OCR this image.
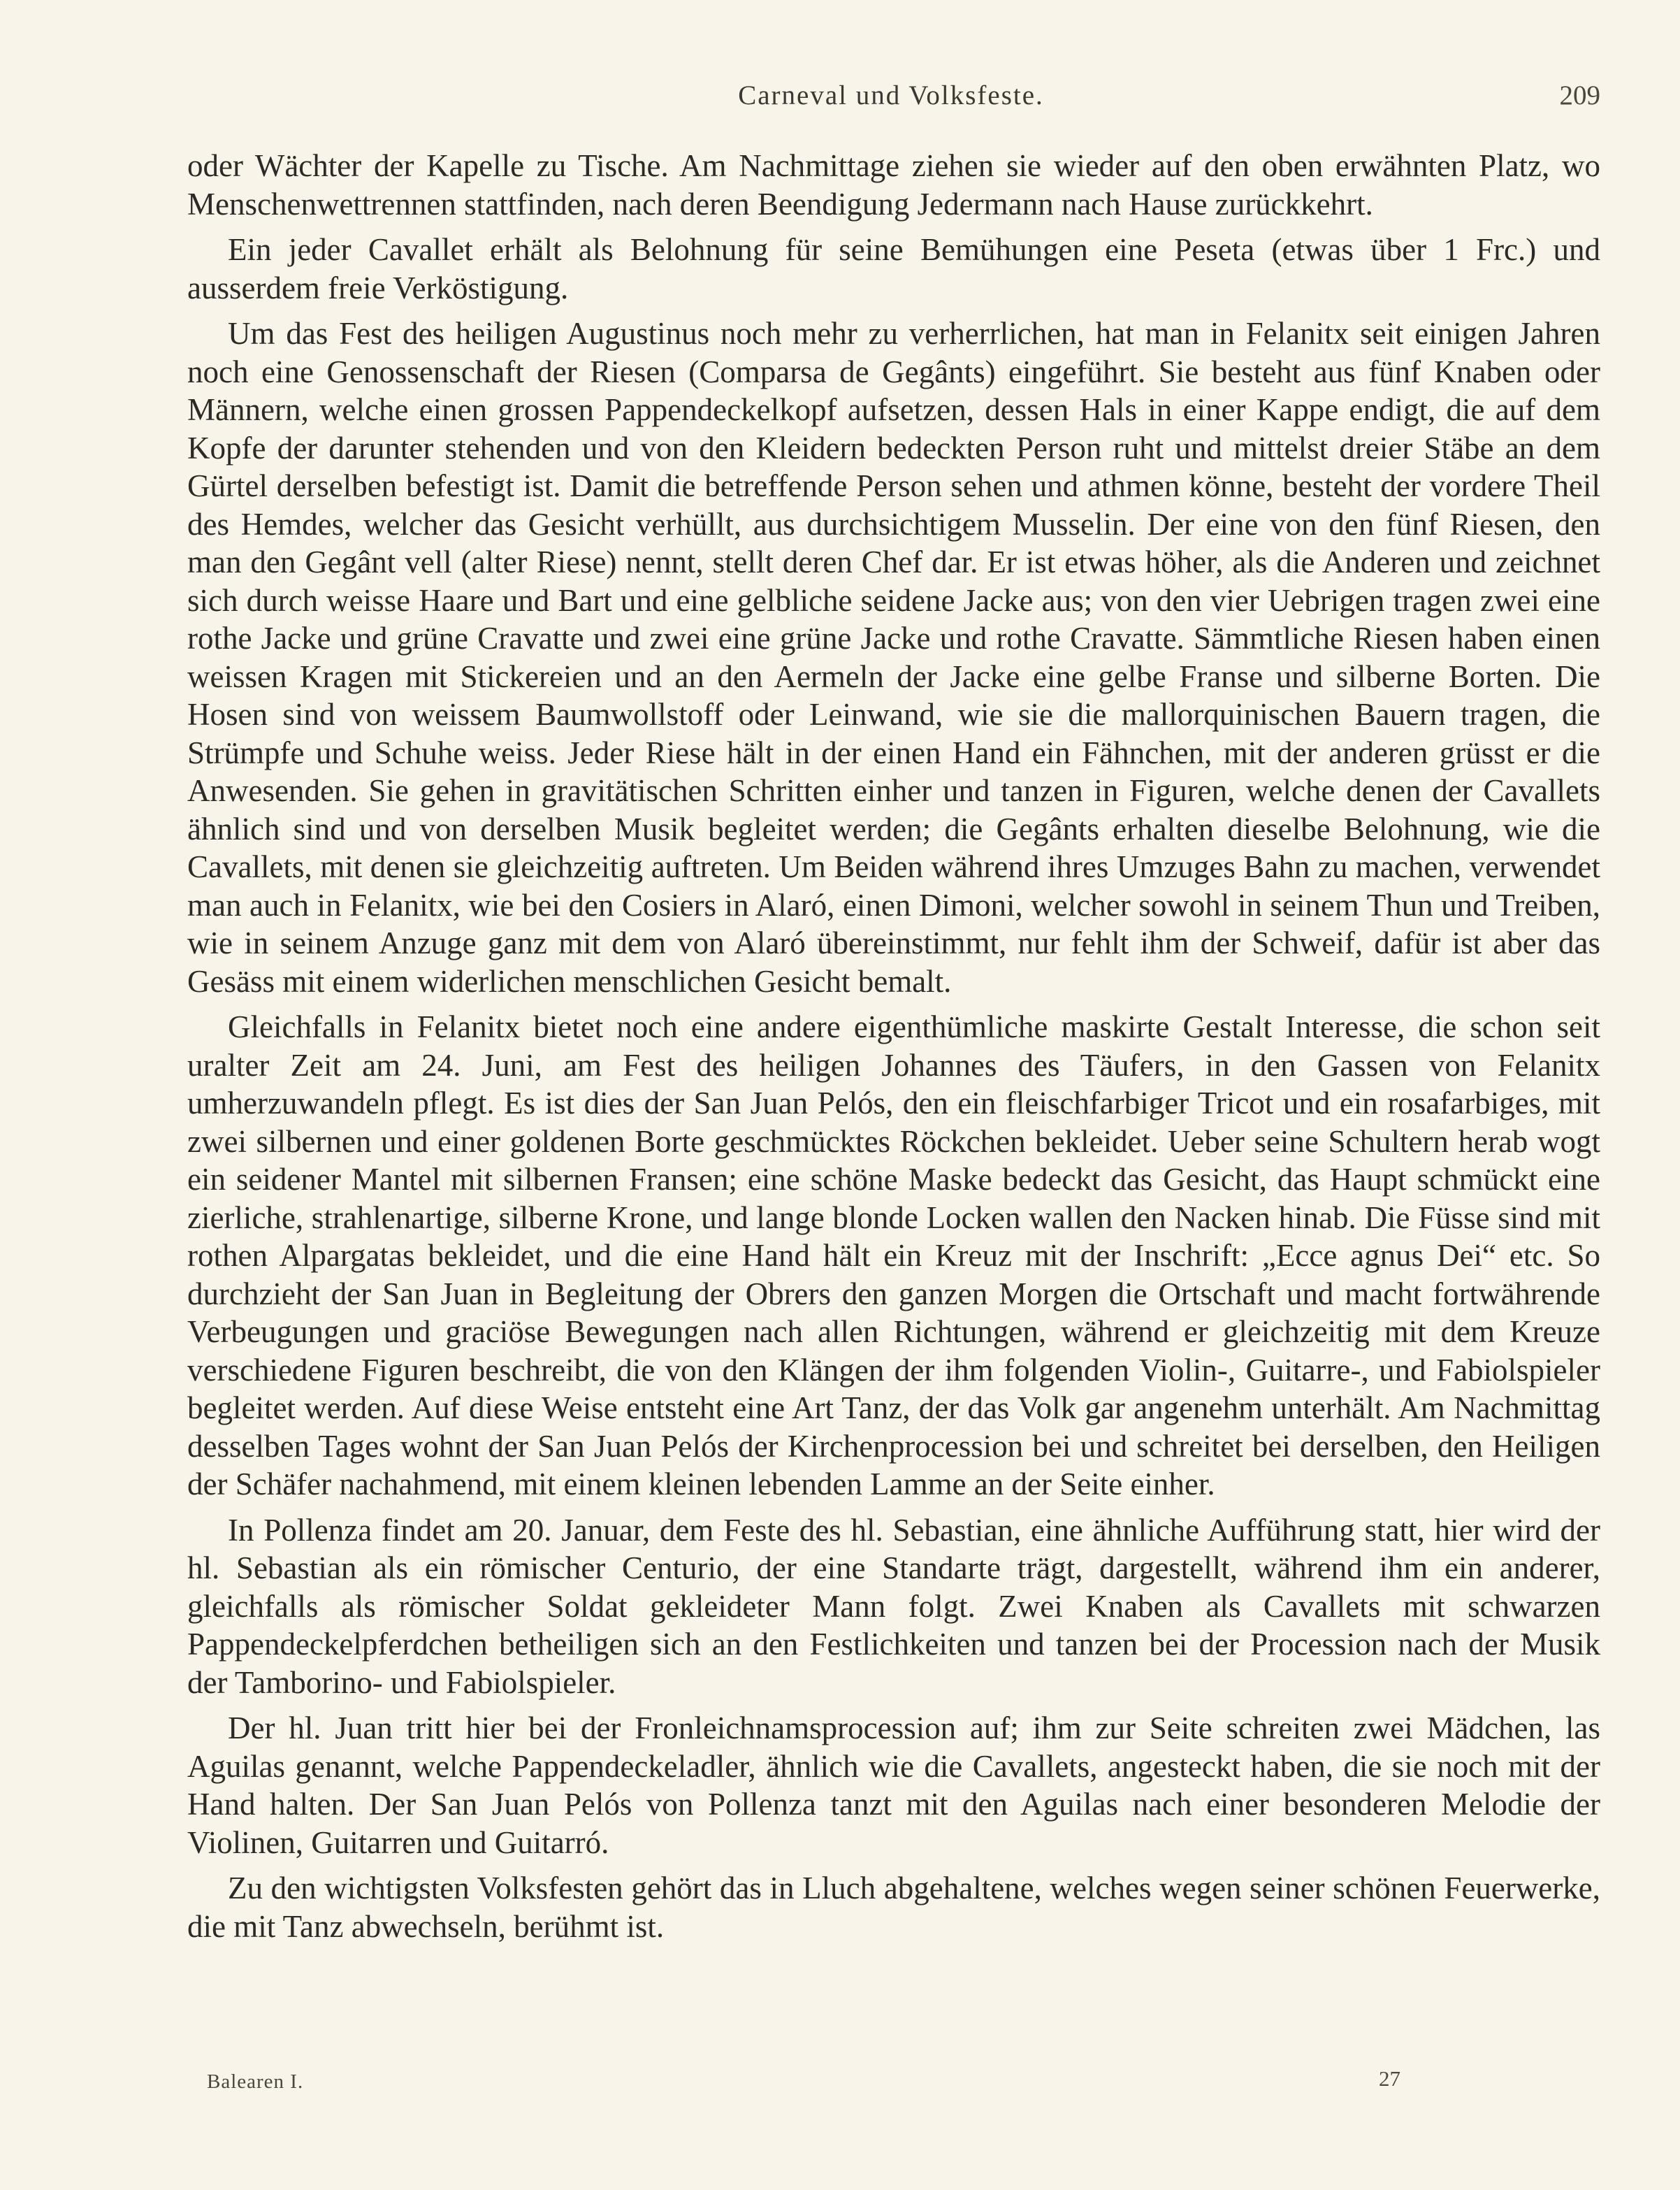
Carneval und Volksfeste.	209

oder Wächter der Kapelle zu Tische. Am Nachmittage ziehen sie wieder auf den oben erwähnten Platz, wo Menschenwettrennen stattfinden, nach deren Beendigung Jedermann nach Hause zurückkehrt.

Ein jeder Cavallet erhält als Belohnung für seine Bemühungen eine Peseta (etwas über 1 Frc.) und ausserdem freie Verköstigung.

Um das Fest des heiligen Augustinus noch mehr zu verherrlichen, hat man in Felanitx seit einigen Jahren noch eine Genossenschaft der Riesen (Comparsa de Gegânts) eingeführt. Sie besteht aus fünf Knaben oder Männern, welche einen grossen Pappendeckelkopf aufsetzen, dessen Hals in einer Kappe endigt, die auf dem Kopfe der darunter stehenden und von den Kleidern bedeckten Person ruht und mittelst dreier Stäbe an dem Gürtel derselben befestigt ist. Damit die betreffende Person sehen und athmen könne, besteht der vordere Theil des Hemdes, welcher das Gesicht verhüllt, aus durchsichtigem Musselin. Der eine von den fünf Riesen, den man den Gegânt vell (alter Riese) nennt, stellt deren Chef dar. Er ist etwas höher, als die Anderen und zeichnet sich durch weisse Haare und Bart und eine gelbliche seidene Jacke aus; von den vier Uebrigen tragen zwei eine rothe Jacke und grüne Cravatte und zwei eine grüne Jacke und rothe Cravatte. Sämmtliche Riesen haben einen weissen Kragen mit Stickereien und an den Aermeln der Jacke eine gelbe Franse und silberne Borten. Die Hosen sind von weissem Baumwollstoff oder Leinwand, wie sie die mallorquinischen Bauern tragen, die Strümpfe und Schuhe weiss. Jeder Riese hält in der einen Hand ein Fähnchen, mit der anderen grüsst er die Anwesenden. Sie gehen in gravitätischen Schritten einher und tanzen in Figuren, welche denen der Cavallets ähnlich sind und von derselben Musik begleitet werden; die Gegânts erhalten dieselbe Belohnung, wie die Cavallets, mit denen sie gleichzeitig auftreten. Um Beiden während ihres Umzuges Bahn zu machen, verwendet man auch in Felanitx, wie bei den Cosiers in Alaró, einen Dimoni, welcher sowohl in seinem Thun und Treiben, wie in seinem Anzuge ganz mit dem von Alaró übereinstimmt, nur fehlt ihm der Schweif, dafür ist aber das Gesäss mit einem widerlichen menschlichen Gesicht bemalt.

Gleichfalls in Felanitx bietet noch eine andere eigenthümliche maskirte Gestalt Interesse, die schon seit uralter Zeit am 24. Juni, am Fest des heiligen Johannes des Täufers, in den Gassen von Felanitx umherzuwandeln pflegt. Es ist dies der San Juan Pelós, den ein fleischfarbiger Tricot und ein rosafarbiges, mit zwei silbernen und einer goldenen Borte geschmücktes Röckchen bekleidet. Ueber seine Schultern herab wogt ein seidener Mantel mit silbernen Fransen; eine schöne Maske bedeckt das Gesicht, das Haupt schmückt eine zierliche, strahlenartige, silberne Krone, und lange blonde Locken wallen den Nacken hinab. Die Füsse sind mit rothen Alpargatas bekleidet, und die eine Hand hält ein Kreuz mit der Inschrift: „Ecce agnus Dei“ etc. So durchzieht der San Juan in Begleitung der Obrers den ganzen Morgen die Ortschaft und macht fortwährende Verbeugungen und graciöse Bewegungen nach allen Richtungen, während er gleichzeitig mit dem Kreuze verschiedene Figuren beschreibt, die von den Klängen der ihm folgenden Violin-, Guitarre-, und Fabiolspieler begleitet werden. Auf diese Weise entsteht eine Art Tanz, der das Volk gar angenehm unterhält. Am Nachmittag desselben Tages wohnt der San Juan Pelós der Kirchenprocession bei und schreitet bei derselben, den Heiligen der Schäfer nachahmend, mit einem kleinen lebenden Lamme an der Seite einher.

In Pollenza findet am 20. Januar, dem Feste des hl. Sebastian, eine ähnliche Aufführung statt, hier wird der hl. Sebastian als ein römischer Centurio, der eine Standarte trägt, dargestellt, während ihm ein anderer, gleichfalls als römischer Soldat gekleideter Mann folgt. Zwei Knaben als Cavallets mit schwarzen Pappendeckelpferdchen betheiligen sich an den Festlichkeiten und tanzen bei der Procession nach der Musik der Tamborino- und Fabiolspieler.

Der hl. Juan tritt hier bei der Fronleichnamsprocession auf; ihm zur Seite schreiten zwei Mädchen, las Aguilas genannt, welche Pappendeckeladler, ähnlich wie die Cavallets, angesteckt haben, die sie noch mit der Hand halten. Der San Juan Pelós von Pollenza tanzt mit den Aguilas nach einer besonderen Melodie der Violinen, Guitarren und Guitarró.

Zu den wichtigsten Volksfesten gehört das in Lluch abgehaltene, welches wegen seiner schönen Feuerwerke, die mit Tanz abwechseln, berühmt ist.

Balearen I.	27
